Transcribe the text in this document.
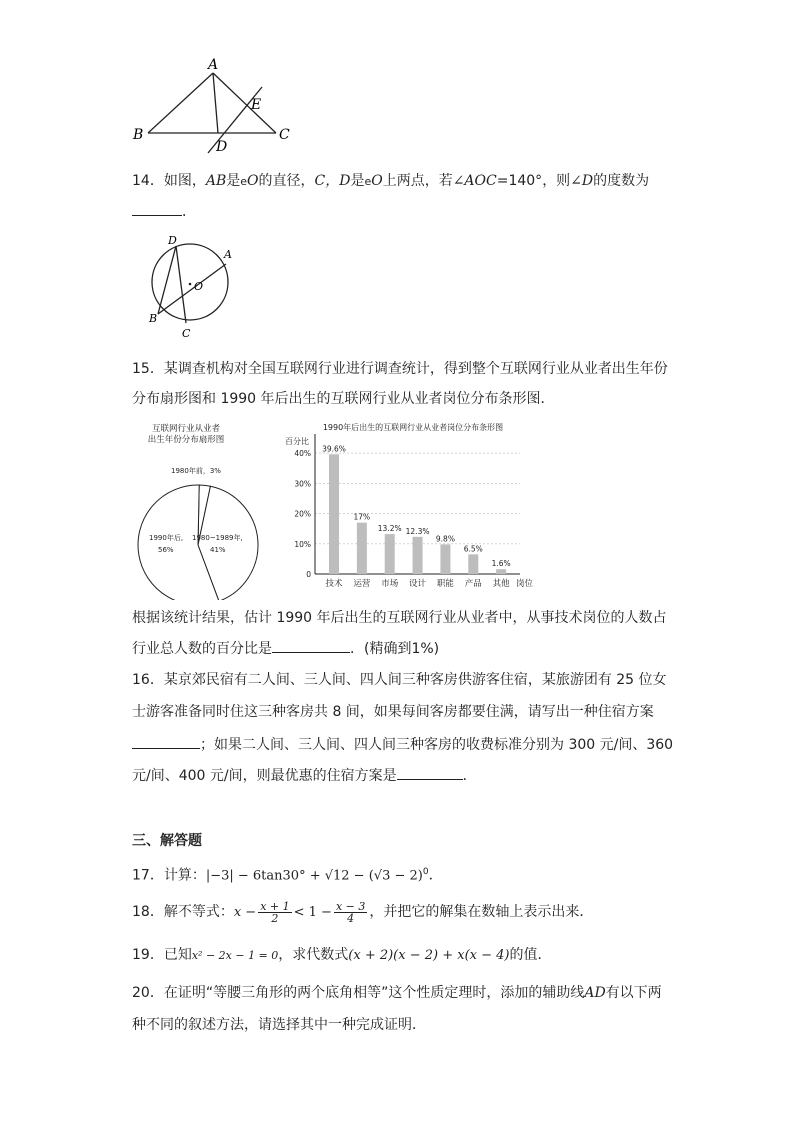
A
B	C
D
E
14．如图，AB是eO的直径，C，D是eO上两点，若∠AOC=140°，则∠D的度数为
．
D
A
O
B
C
15．某调查机构对全国互联网行业进行调查统计，得到整个互联网行业从业者出生年份
分布扇形图和 1990 年后出生的互联网行业从业者岗位分布条形图．
互联网行业从业者
出生年份分布扇形图
1980年前，3%
1990年后,
56%
1980~1989年,
41%
1990年后出生的互联网行业从业者岗位分布条形图
百分比
0
10%
20%
30%
40%
39.6%
17%
13.2% 12.3%
9.8%
6.5%
1.6%
技术 运营 市场 设计 职能 产品 其他 岗位
根据该统计结果，估计 1990 年后出生的互联网行业从业者中，从事技术岗位的人数占
行业总人数的百分比是	．(精确到1%)
16．某京郊民宿有二人间、三人间、四人间三种客房供游客住宿，某旅游团有 25 位女
士游客准备同时住这三种客房共 8 间，如果每间客房都要住满，请写出一种住宿方案
；如果二人间、三人间、四人间三种客房的收费标准分别为 300 元/间、360
元/间、400 元/间，则最优惠的住宿方案是	．
三、解答题
17．计算：$|-3| - 6\tan 30^\circ + √12 - (√3 - 2)^0$．
18．解不等式：$x - \frac{x + 1}{2} < 1 - \frac{x - 3}{4}$ ，并把它的解集在数轴上表示出来．
19．已知x² − 2x − 1 = 0，求代数式(x + 2)(x − 2) + x(x − 4)的值．
20．在证明“等腰三角形的两个底角相等”这个性质定理时，添加的辅助线AD有以下两
种不同的叙述方法，请选择其中一种完成证明．
